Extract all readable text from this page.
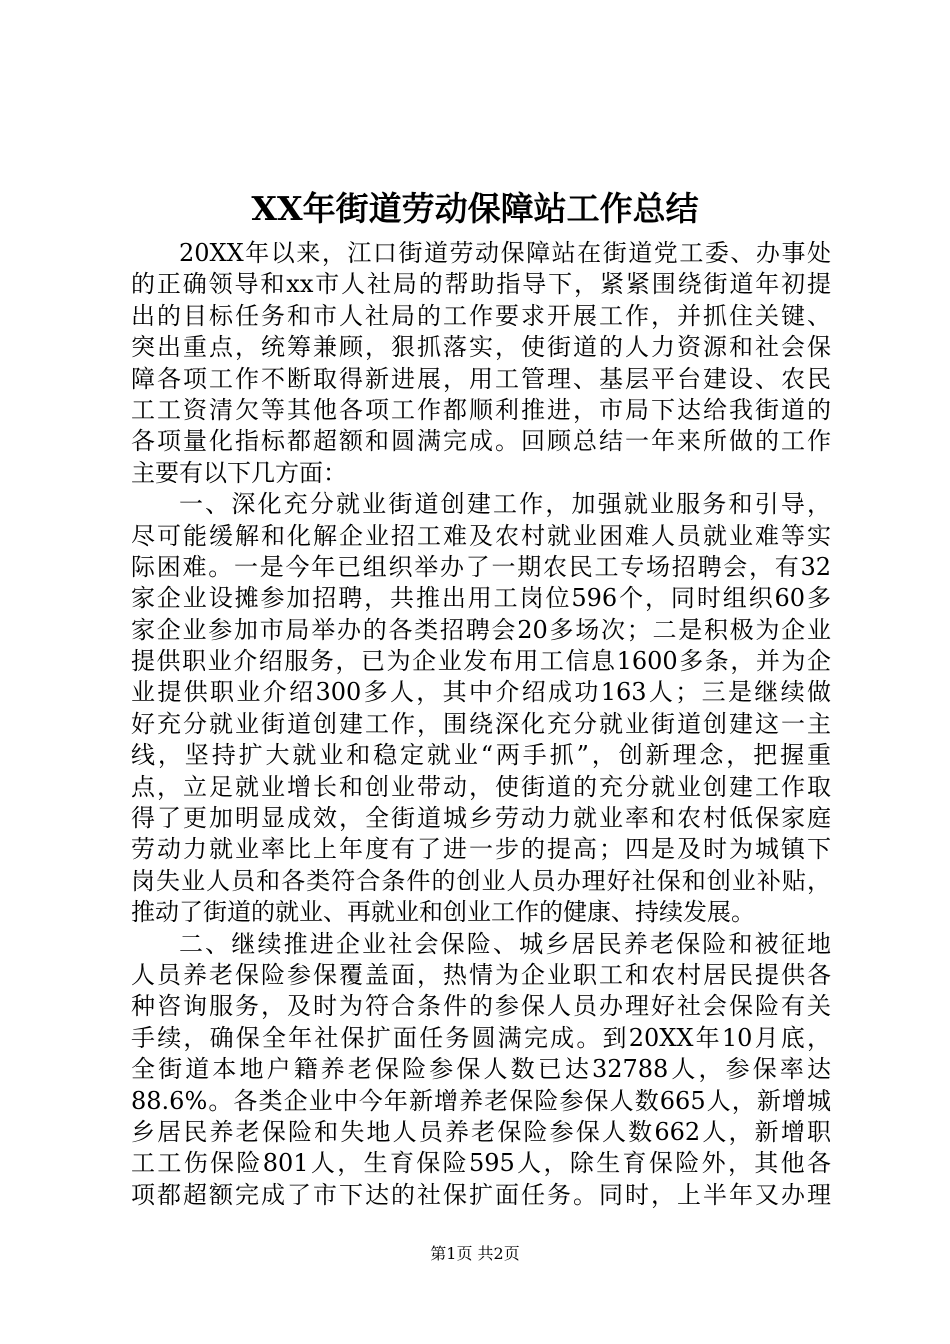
XX年街道劳动保障站工作总结
20XX年以来，江口街道劳动保障站在街道党工委、办事处
的正确领导和xx市人社局的帮助指导下，紧紧围绕街道年初提
出的目标任务和市人社局的工作要求开展工作，并抓住关键、
突出重点，统筹兼顾，狠抓落实，使街道的人力资源和社会保
障各项工作不断取得新进展，用工管理、基层平台建设、农民
工工资清欠等其他各项工作都顺利推进，市局下达给我街道的
各项量化指标都超额和圆满完成。回顾总结一年来所做的工作
主要有以下几方面：
一、深化充分就业街道创建工作，加强就业服务和引导，
尽可能缓解和化解企业招工难及农村就业困难人员就业难等实
际困难。一是今年已组织举办了一期农民工专场招聘会，有32
家企业设摊参加招聘，共推出用工岗位596个，同时组织60多
家企业参加市局举办的各类招聘会20多场次；二是积极为企业
提供职业介绍服务，已为企业发布用工信息1600多条，并为企
业提供职业介绍300多人，其中介绍成功163人；三是继续做
好充分就业街道创建工作，围绕深化充分就业街道创建这一主
线，坚持扩大就业和稳定就业“两手抓”，创新理念，把握重
点，立足就业增长和创业带动，使街道的充分就业创建工作取
得了更加明显成效，全街道城乡劳动力就业率和农村低保家庭
劳动力就业率比上年度有了进一步的提高；四是及时为城镇下
岗失业人员和各类符合条件的创业人员办理好社保和创业补贴，
推动了街道的就业、再就业和创业工作的健康、持续发展。
二、继续推进企业社会保险、城乡居民养老保险和被征地
人员养老保险参保覆盖面，热情为企业职工和农村居民提供各
种咨询服务，及时为符合条件的参保人员办理好社会保险有关
手续，确保全年社保扩面任务圆满完成。到20XX年10月底，
全街道本地户籍养老保险参保人数已达32788人，参保率达
88.6%。各类企业中今年新增养老保险参保人数665人，新增城
乡居民养老保险和失地人员养老保险参保人数662人，新增职
工工伤保险801人，生育保险595人，除生育保险外，其他各
项都超额完成了市下达的社保扩面任务。同时，上半年又办理
第1页 共2页
